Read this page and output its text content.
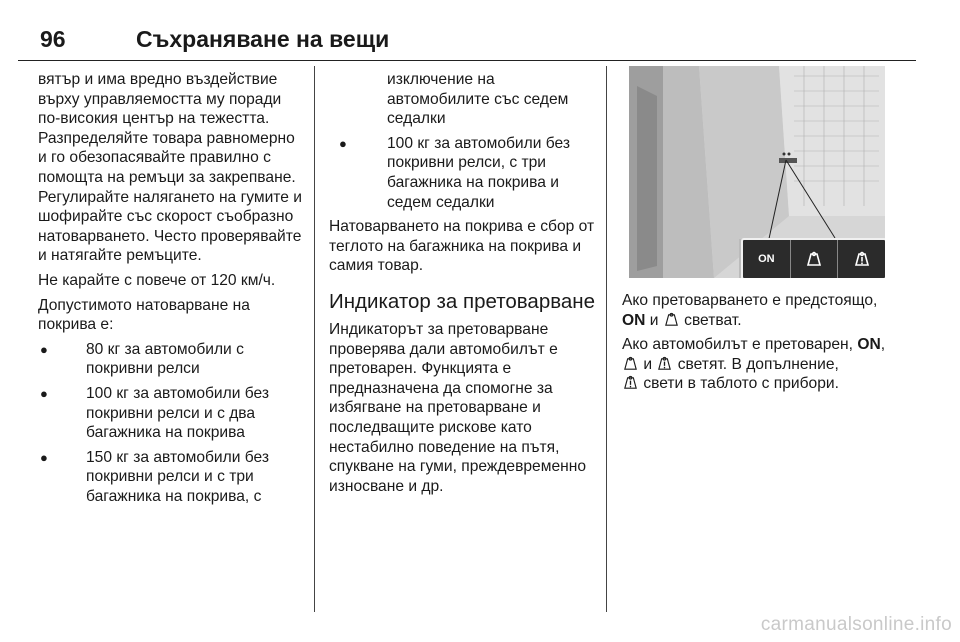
96	Съхраняване на вещи

вятър и има вредно въздействие върху управляемостта му поради по-високия център на тежестта. Разпределяйте товара равномерно и го обезопасявайте правилно с помощта на ремъци за закрепване. Регулирайте налягането на гумите и шофирайте със скорост съобразно натоварването. Често проверявайте и натягайте ремъците.

Не карайте с повече от 120 км/ч.

Допустимото натоварване на покрива е:

● 80 кг за автомобили с покривни релси
● 100 кг за автомобили без покривни релси и с два багажника на покрива
● 150 кг за автомобили без покривни релси и с три багажника на покрива, с
изключение на автомобилите със седем седалки
● 100 кг за автомобили без покривни релси, с три багажника на покрива и седем седалки

Натоварването на покрива е сбор от теглото на багажника на покрива и самия товар.

Индикатор за претоварване

Индикаторът за претоварване проверява дали автомобилът е претоварен. Функцията е предназначена да спомогне за избягване на претоварване и последващите рискове като нестабилно поведение на пътя, спукване на гуми, преждевременно износване и др.

ON

Ако претоварването е предстоящо, ON и светват.

Ако автомобилът е претоварен, ON,  и светят. В допълнение,
свети в таблото с прибори.

carmanualsonline.info
